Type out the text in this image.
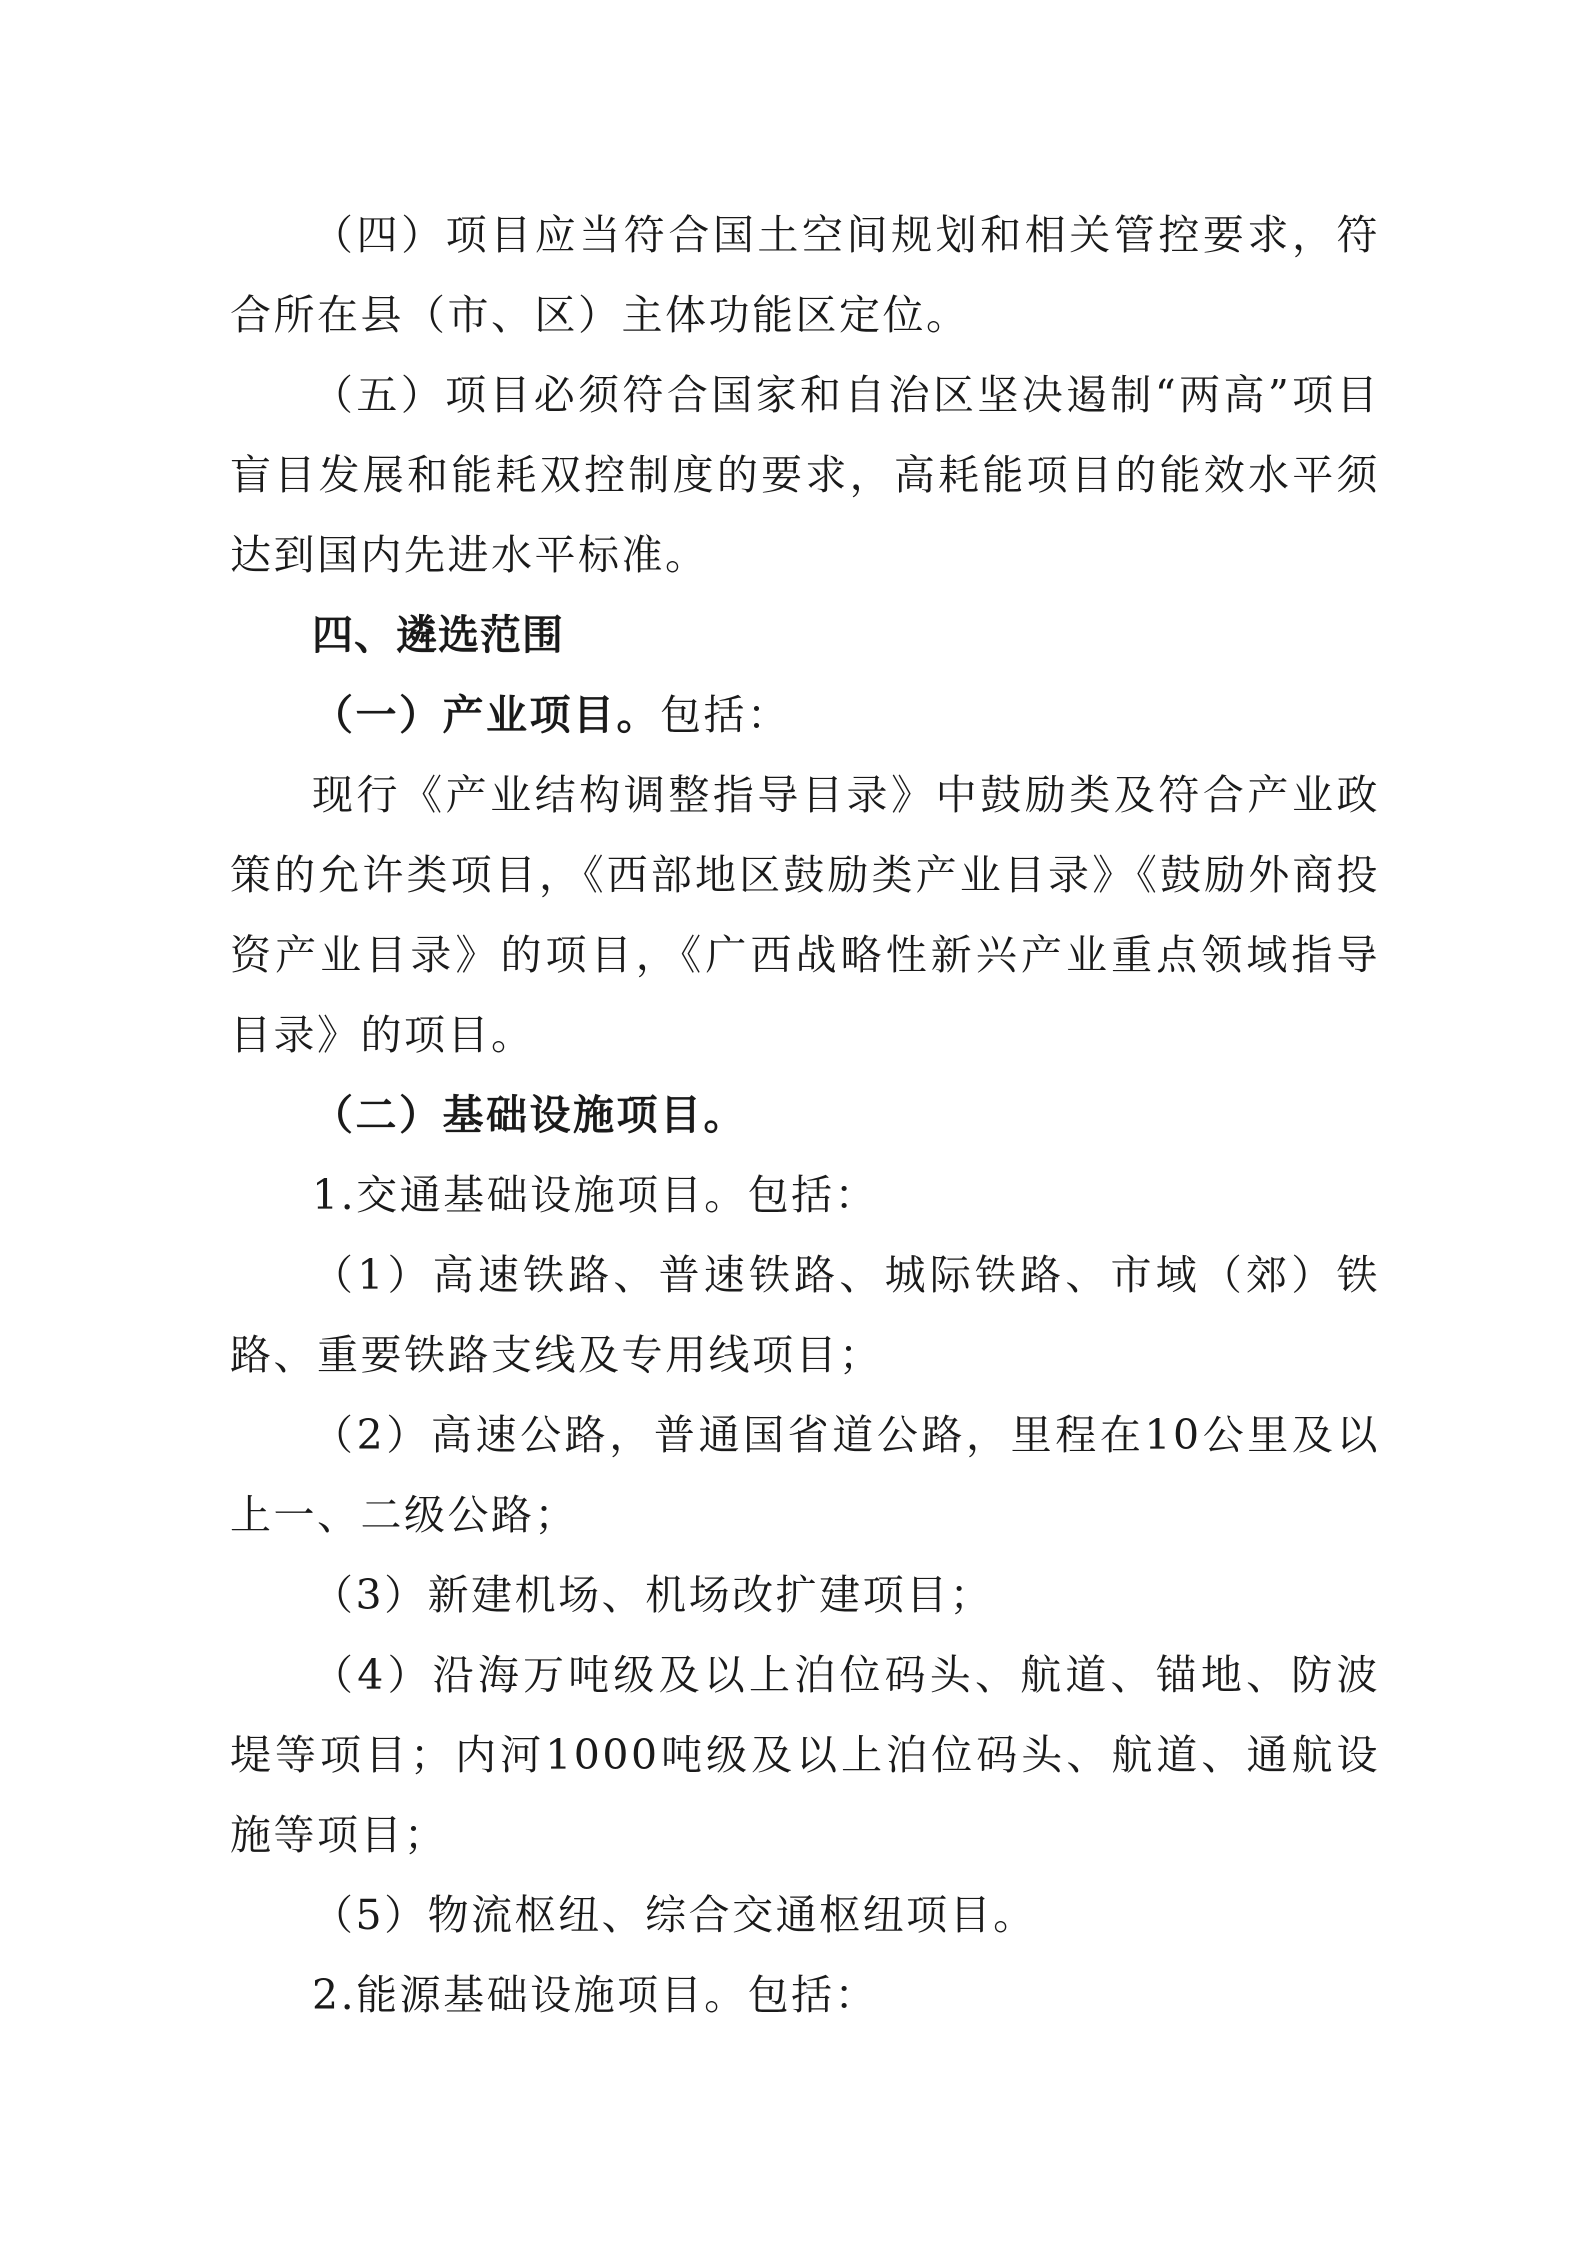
（四）项目应当符合国土空间规划和相关管控要求，符合所在县（市、区）主体功能区定位。

（五）项目必须符合国家和自治区坚决遏制“两高”项目盲目发展和能耗双控制度的要求，高耗能项目的能效水平须达到国内先进水平标准。

四、遴选范围

（一）产业项目。包括：

现行《产业结构调整指导目录》中鼓励类及符合产业政策的允许类项目，《西部地区鼓励类产业目录》《鼓励外商投资产业目录》的项目，《广西战略性新兴产业重点领域指导目录》的项目。

（二）基础设施项目。

1.交通基础设施项目。包括：

（1）高速铁路、普速铁路、城际铁路、市域（郊）铁路、重要铁路支线及专用线项目；

（2）高速公路，普通国省道公路，里程在10公里及以上一、二级公路；

（3）新建机场、机场改扩建项目；

（4）沿海万吨级及以上泊位码头、航道、锚地、防波堤等项目；内河1000吨级及以上泊位码头、航道、通航设施等项目；

（5）物流枢纽、综合交通枢纽项目。

2.能源基础设施项目。包括：
